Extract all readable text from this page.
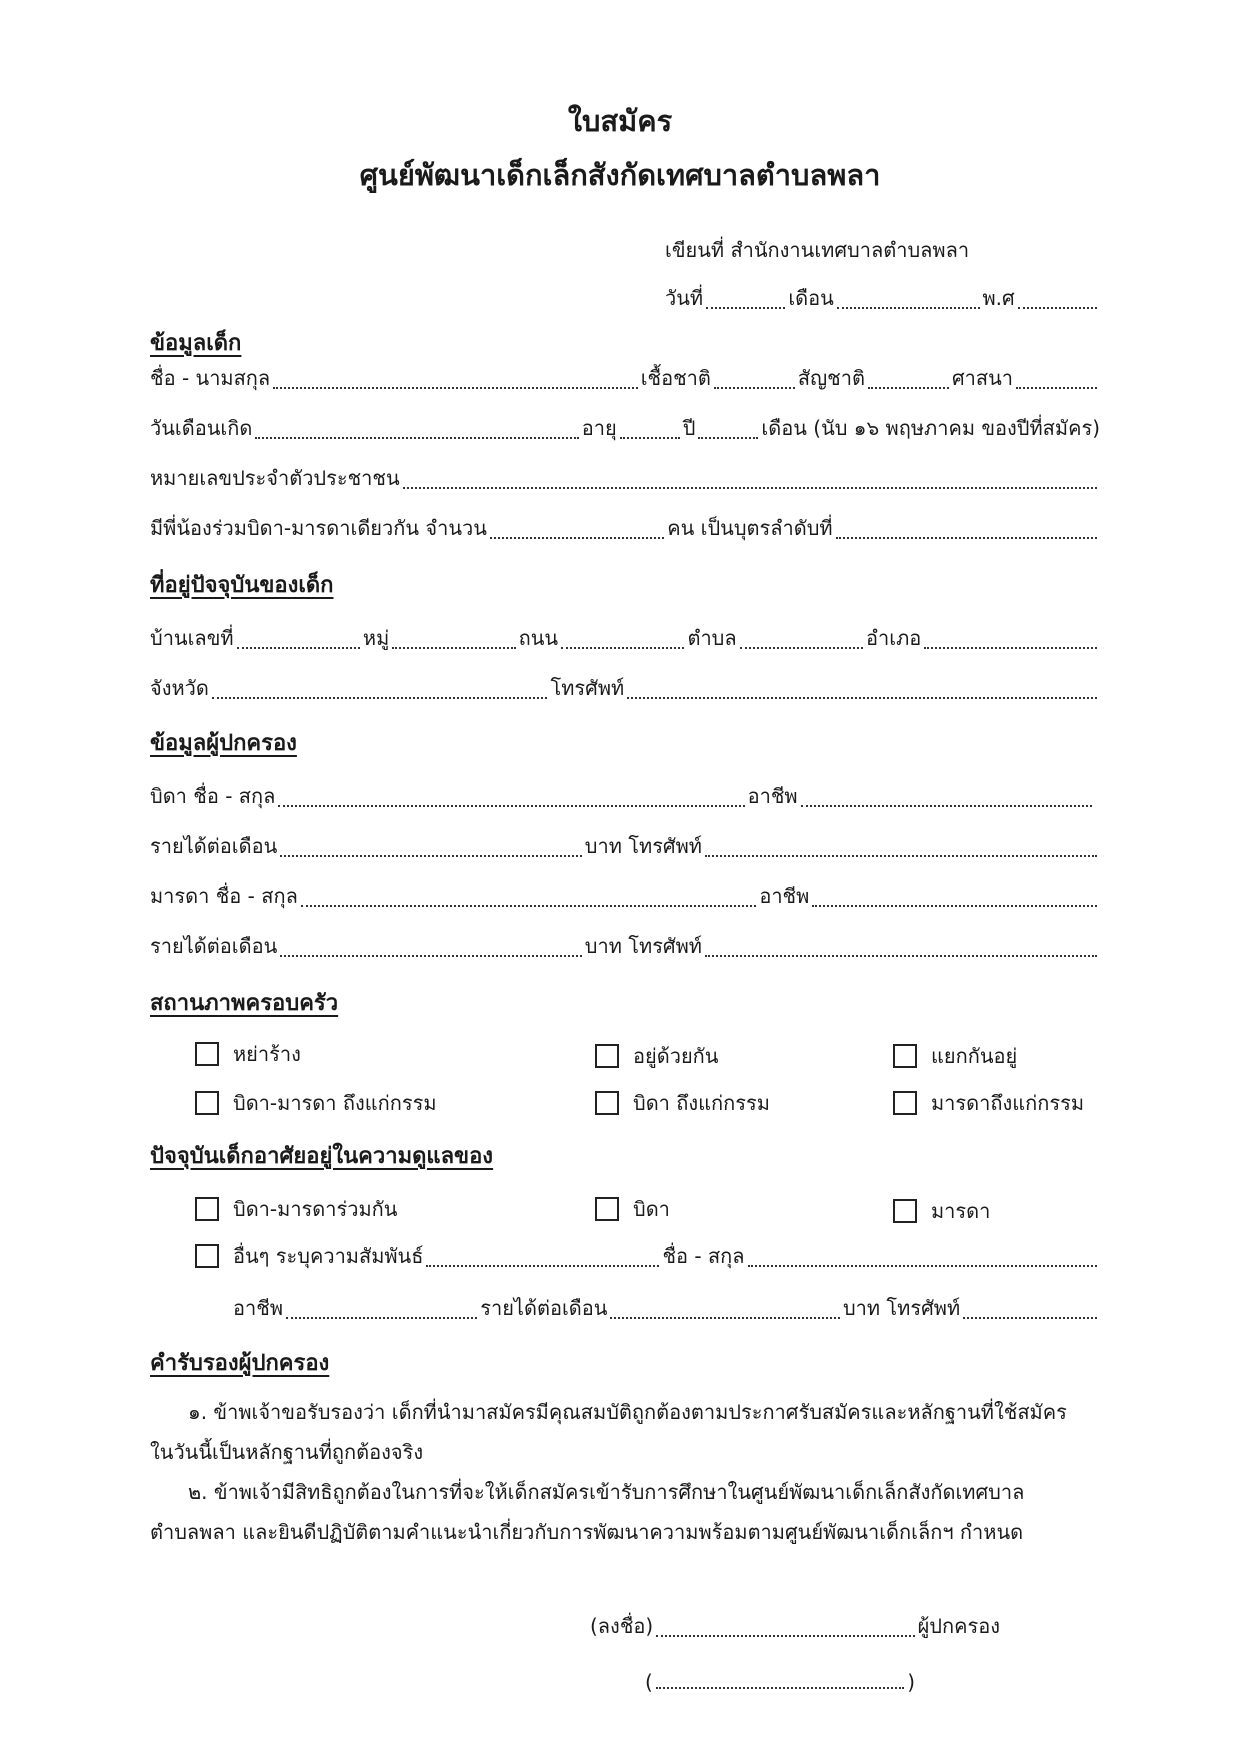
ใบสมัคร
ศูนย์พัฒนาเด็กเล็กสังกัดเทศบาลตำบลพลา
เขียนที่ สำนักงานเทศบาลตำบลพลา
วันที่	เดือน	พ.ศ
ข้อมูลเด็ก
ชื่อ - นามสกุล	เชื้อชาติ	สัญชาติ	ศาสนา
วันเดือนเกิด	อายุ	ปี	เดือน (นับ ๑๖ พฤษภาคม ของปีที่สมัคร)
หมายเลขประจำตัวประชาชน
มีพี่น้องร่วมบิดา-มารดาเดียวกัน จำนวน	คน เป็นบุตรลำดับที่
ที่อยู่ปัจจุบันของเด็ก
บ้านเลขที่	หมู่	ถนน	ตำบล	อำเภอ
จังหวัด	โทรศัพท์
ข้อมูลผู้ปกครอง
บิดา ชื่อ - สกุล	อาชีพ
รายได้ต่อเดือน	บาท โทรศัพท์
มารดา ชื่อ - สกุล	อาชีพ
รายได้ต่อเดือน	บาท โทรศัพท์
สถานภาพครอบครัว
หย่าร้าง	อยู่ด้วยกัน	แยกกันอยู่
บิดา-มารดา ถึงแก่กรรม	บิดา ถึงแก่กรรม	มารดาถึงแก่กรรม
ปัจจุบันเด็กอาศัยอยู่ในความดูแลของ
บิดา-มารดาร่วมกัน	บิดา	มารดา
อื่นๆ ระบุความสัมพันธ์	ชื่อ - สกุล
อาชีพ	รายได้ต่อเดือน	บาท โทรศัพท์
คำรับรองผู้ปกครอง
๑. ข้าพเจ้าขอรับรองว่า เด็กที่นำมาสมัครมีคุณสมบัติถูกต้องตามประกาศรับสมัครและหลักฐานที่ใช้สมัคร
ในวันนี้เป็นหลักฐานที่ถูกต้องจริง
๒. ข้าพเจ้ามีสิทธิถูกต้องในการที่จะให้เด็กสมัครเข้ารับการศึกษาในศูนย์พัฒนาเด็กเล็กสังกัดเทศบาล
ตำบลพลา และยินดีปฏิบัติตามคำแนะนำเกี่ยวกับการพัฒนาความพร้อมตามศูนย์พัฒนาเด็กเล็กฯ กำหนด
(ลงชื่อ)	ผู้ปกครอง
(	)
